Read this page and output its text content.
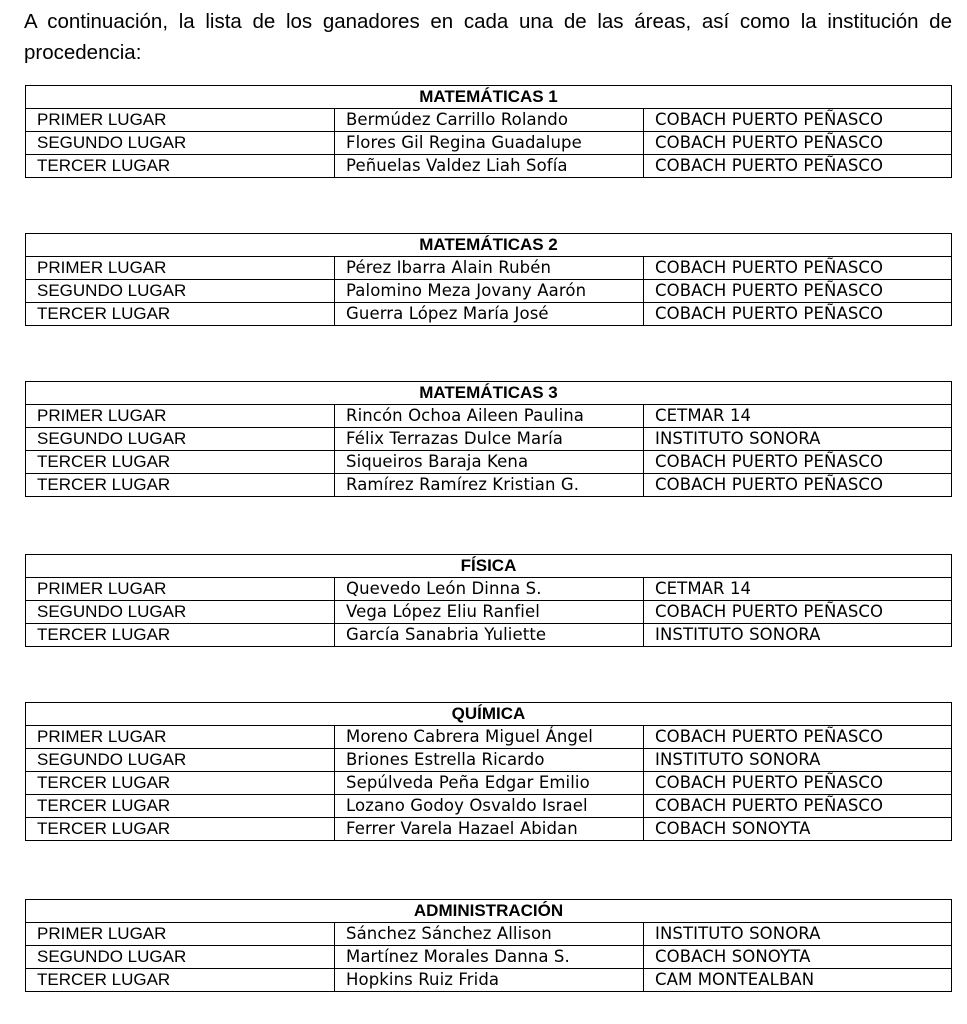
A continuación, la lista de los ganadores en cada una de las áreas, así como la institución de procedencia:

MATEMÁTICAS 1		
PRIMER LUGAR	Bermúdez Carrillo Rolando	COBACH PUERTO PEÑASCO
SEGUNDO LUGAR	Flores Gil Regina Guadalupe	COBACH PUERTO PEÑASCO
TERCER LUGAR	Peñuelas Valdez Liah Sofía	COBACH PUERTO PEÑASCO
MATEMÁTICAS 2		
PRIMER LUGAR	Pérez Ibarra Alain Rubén	COBACH PUERTO PEÑASCO
SEGUNDO LUGAR	Palomino Meza Jovany Aarón	COBACH PUERTO PEÑASCO
TERCER LUGAR	Guerra López María José	COBACH PUERTO PEÑASCO
MATEMÁTICAS 3		
PRIMER LUGAR	Rincón Ochoa Aileen Paulina	CETMAR 14
SEGUNDO LUGAR	Félix Terrazas Dulce María	INSTITUTO SONORA
TERCER LUGAR	Siqueiros Baraja Kena	COBACH PUERTO PEÑASCO
TERCER LUGAR	Ramírez Ramírez Kristian G.	COBACH PUERTO PEÑASCO
FÍSICA		
PRIMER LUGAR	Quevedo León Dinna S.	CETMAR 14
SEGUNDO LUGAR	Vega López Eliu Ranfiel	COBACH PUERTO PEÑASCO
TERCER LUGAR	García Sanabria Yuliette	INSTITUTO SONORA
QUÍMICA		
PRIMER LUGAR	Moreno Cabrera Miguel Ángel	COBACH PUERTO PEÑASCO
SEGUNDO LUGAR	Briones Estrella Ricardo	INSTITUTO SONORA
TERCER LUGAR	Sepúlveda Peña Edgar Emilio	COBACH PUERTO PEÑASCO
TERCER LUGAR	Lozano Godoy Osvaldo Israel	COBACH PUERTO PEÑASCO
TERCER LUGAR	Ferrer Varela Hazael Abidan	COBACH SONOYTA
ADMINISTRACIÓN		
PRIMER LUGAR	Sánchez Sánchez Allison	INSTITUTO SONORA
SEGUNDO LUGAR	Martínez Morales Danna S.	COBACH SONOYTA
TERCER LUGAR	Hopkins Ruiz Frida	CAM MONTEALBAN
